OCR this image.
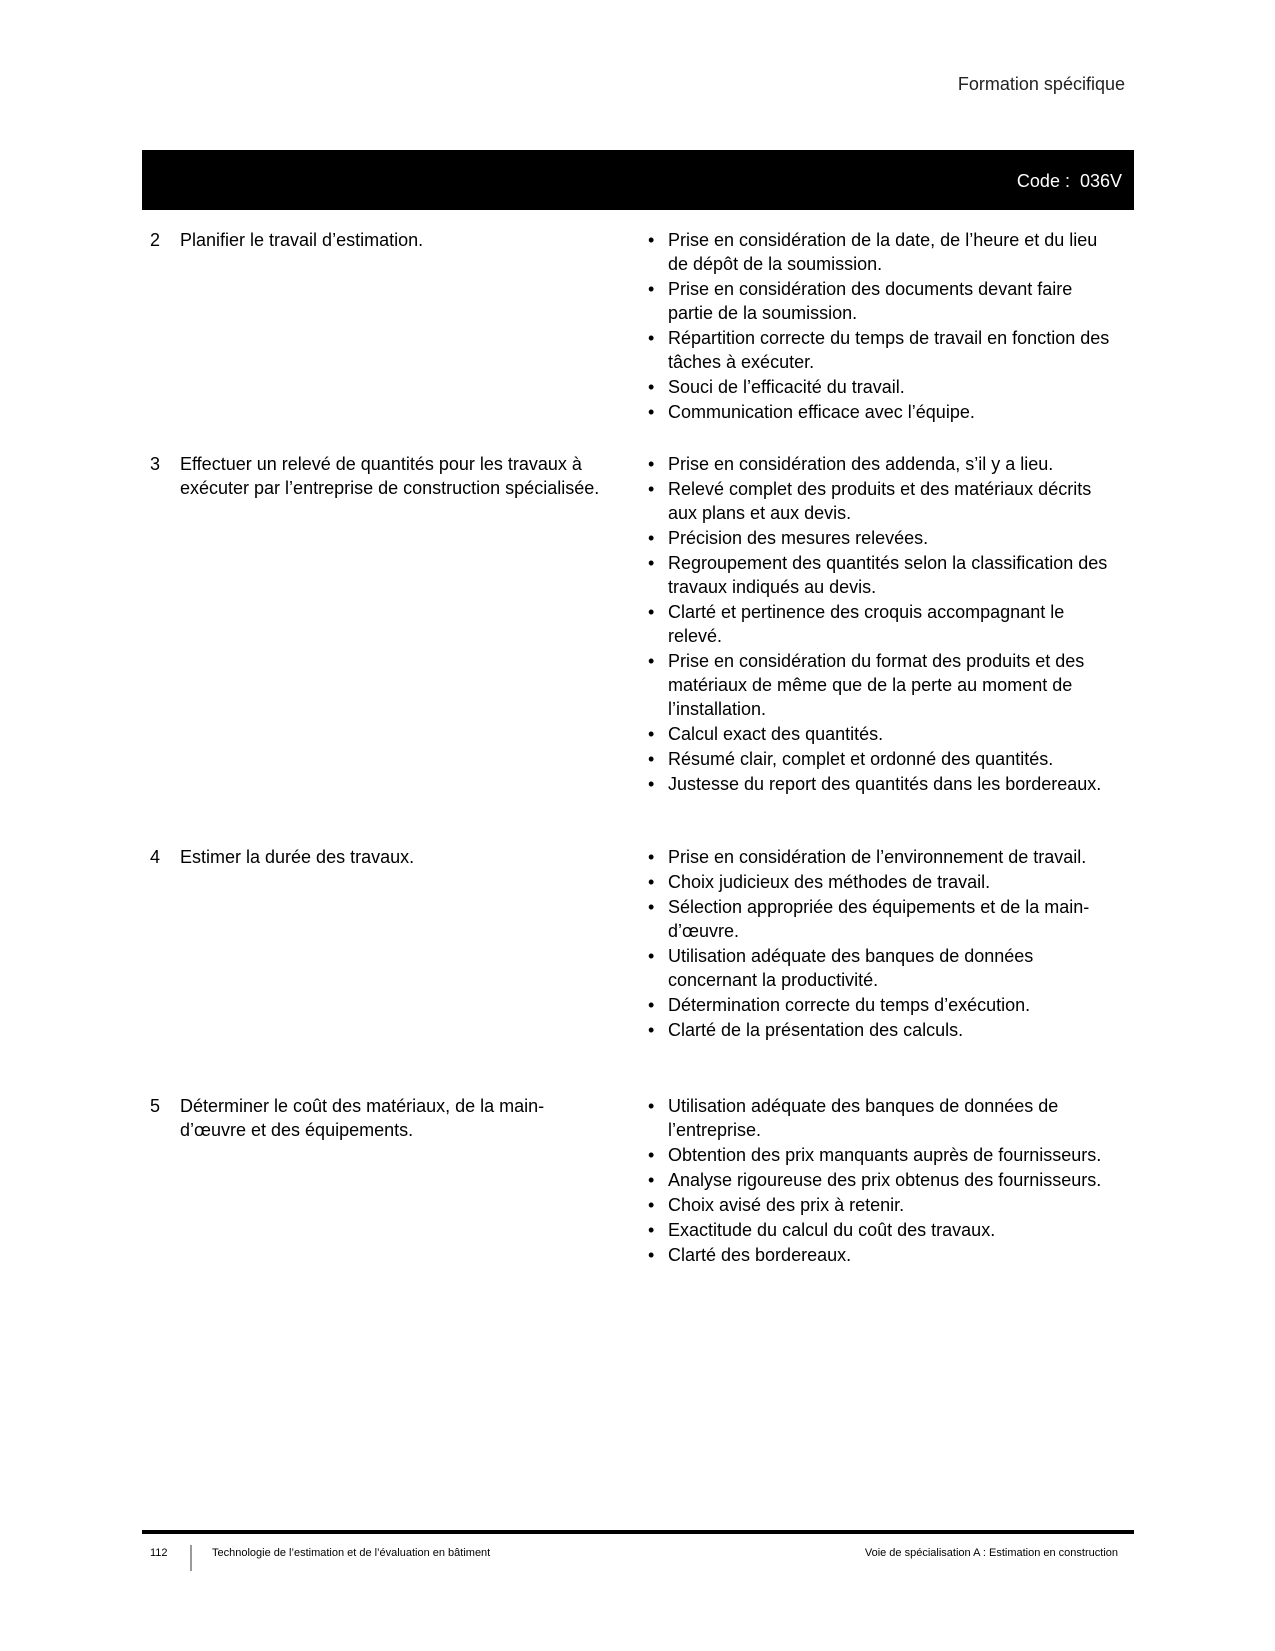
Formation spécifique
Code :  036V
2	Planifier le travail d’estimation.	• Prise en considération de la date, de l’heure et du lieu de dépôt de la soumission.
• Prise en considération des documents devant faire partie de la soumission.
• Répartition correcte du temps de travail en fonction des tâches à exécuter.
• Souci de l’efficacité du travail.
• Communication efficace avec l’équipe.
3	Effectuer un relevé de quantités pour les travaux à exécuter par l’entreprise de construction spécialisée.
• Prise en considération des addenda, s’il y a lieu.
• Relevé complet des produits et des matériaux décrits aux plans et aux devis.
• Précision des mesures relevées.
• Regroupement des quantités selon la classification des travaux indiqués au devis.
• Clarté et pertinence des croquis accompagnant le relevé.
• Prise en considération du format des produits et des matériaux de même que de la perte au moment de l’installation.
• Calcul exact des quantités.
• Résumé clair, complet et ordonné des quantités.
• Justesse du report des quantités dans les bordereaux.
4	Estimer la durée des travaux.	• Prise en considération de l’environnement de travail.
• Choix judicieux des méthodes de travail.
• Sélection appropriée des équipements et de la main-d’œuvre.
• Utilisation adéquate des banques de données concernant la productivité.
• Détermination correcte du temps d’exécution.
• Clarté de la présentation des calculs.
5	Déterminer le coût des matériaux, de la main-d’œuvre et des équipements.
• Utilisation adéquate des banques de données de l’entreprise.
• Obtention des prix manquants auprès de fournisseurs.
• Analyse rigoureuse des prix obtenus des fournisseurs.
• Choix avisé des prix à retenir.
• Exactitude du calcul du coût des travaux.
• Clarté des bordereaux.
112	Technologie de l’estimation et de l’évaluation en bâtiment	Voie de spécialisation A : Estimation en construction
